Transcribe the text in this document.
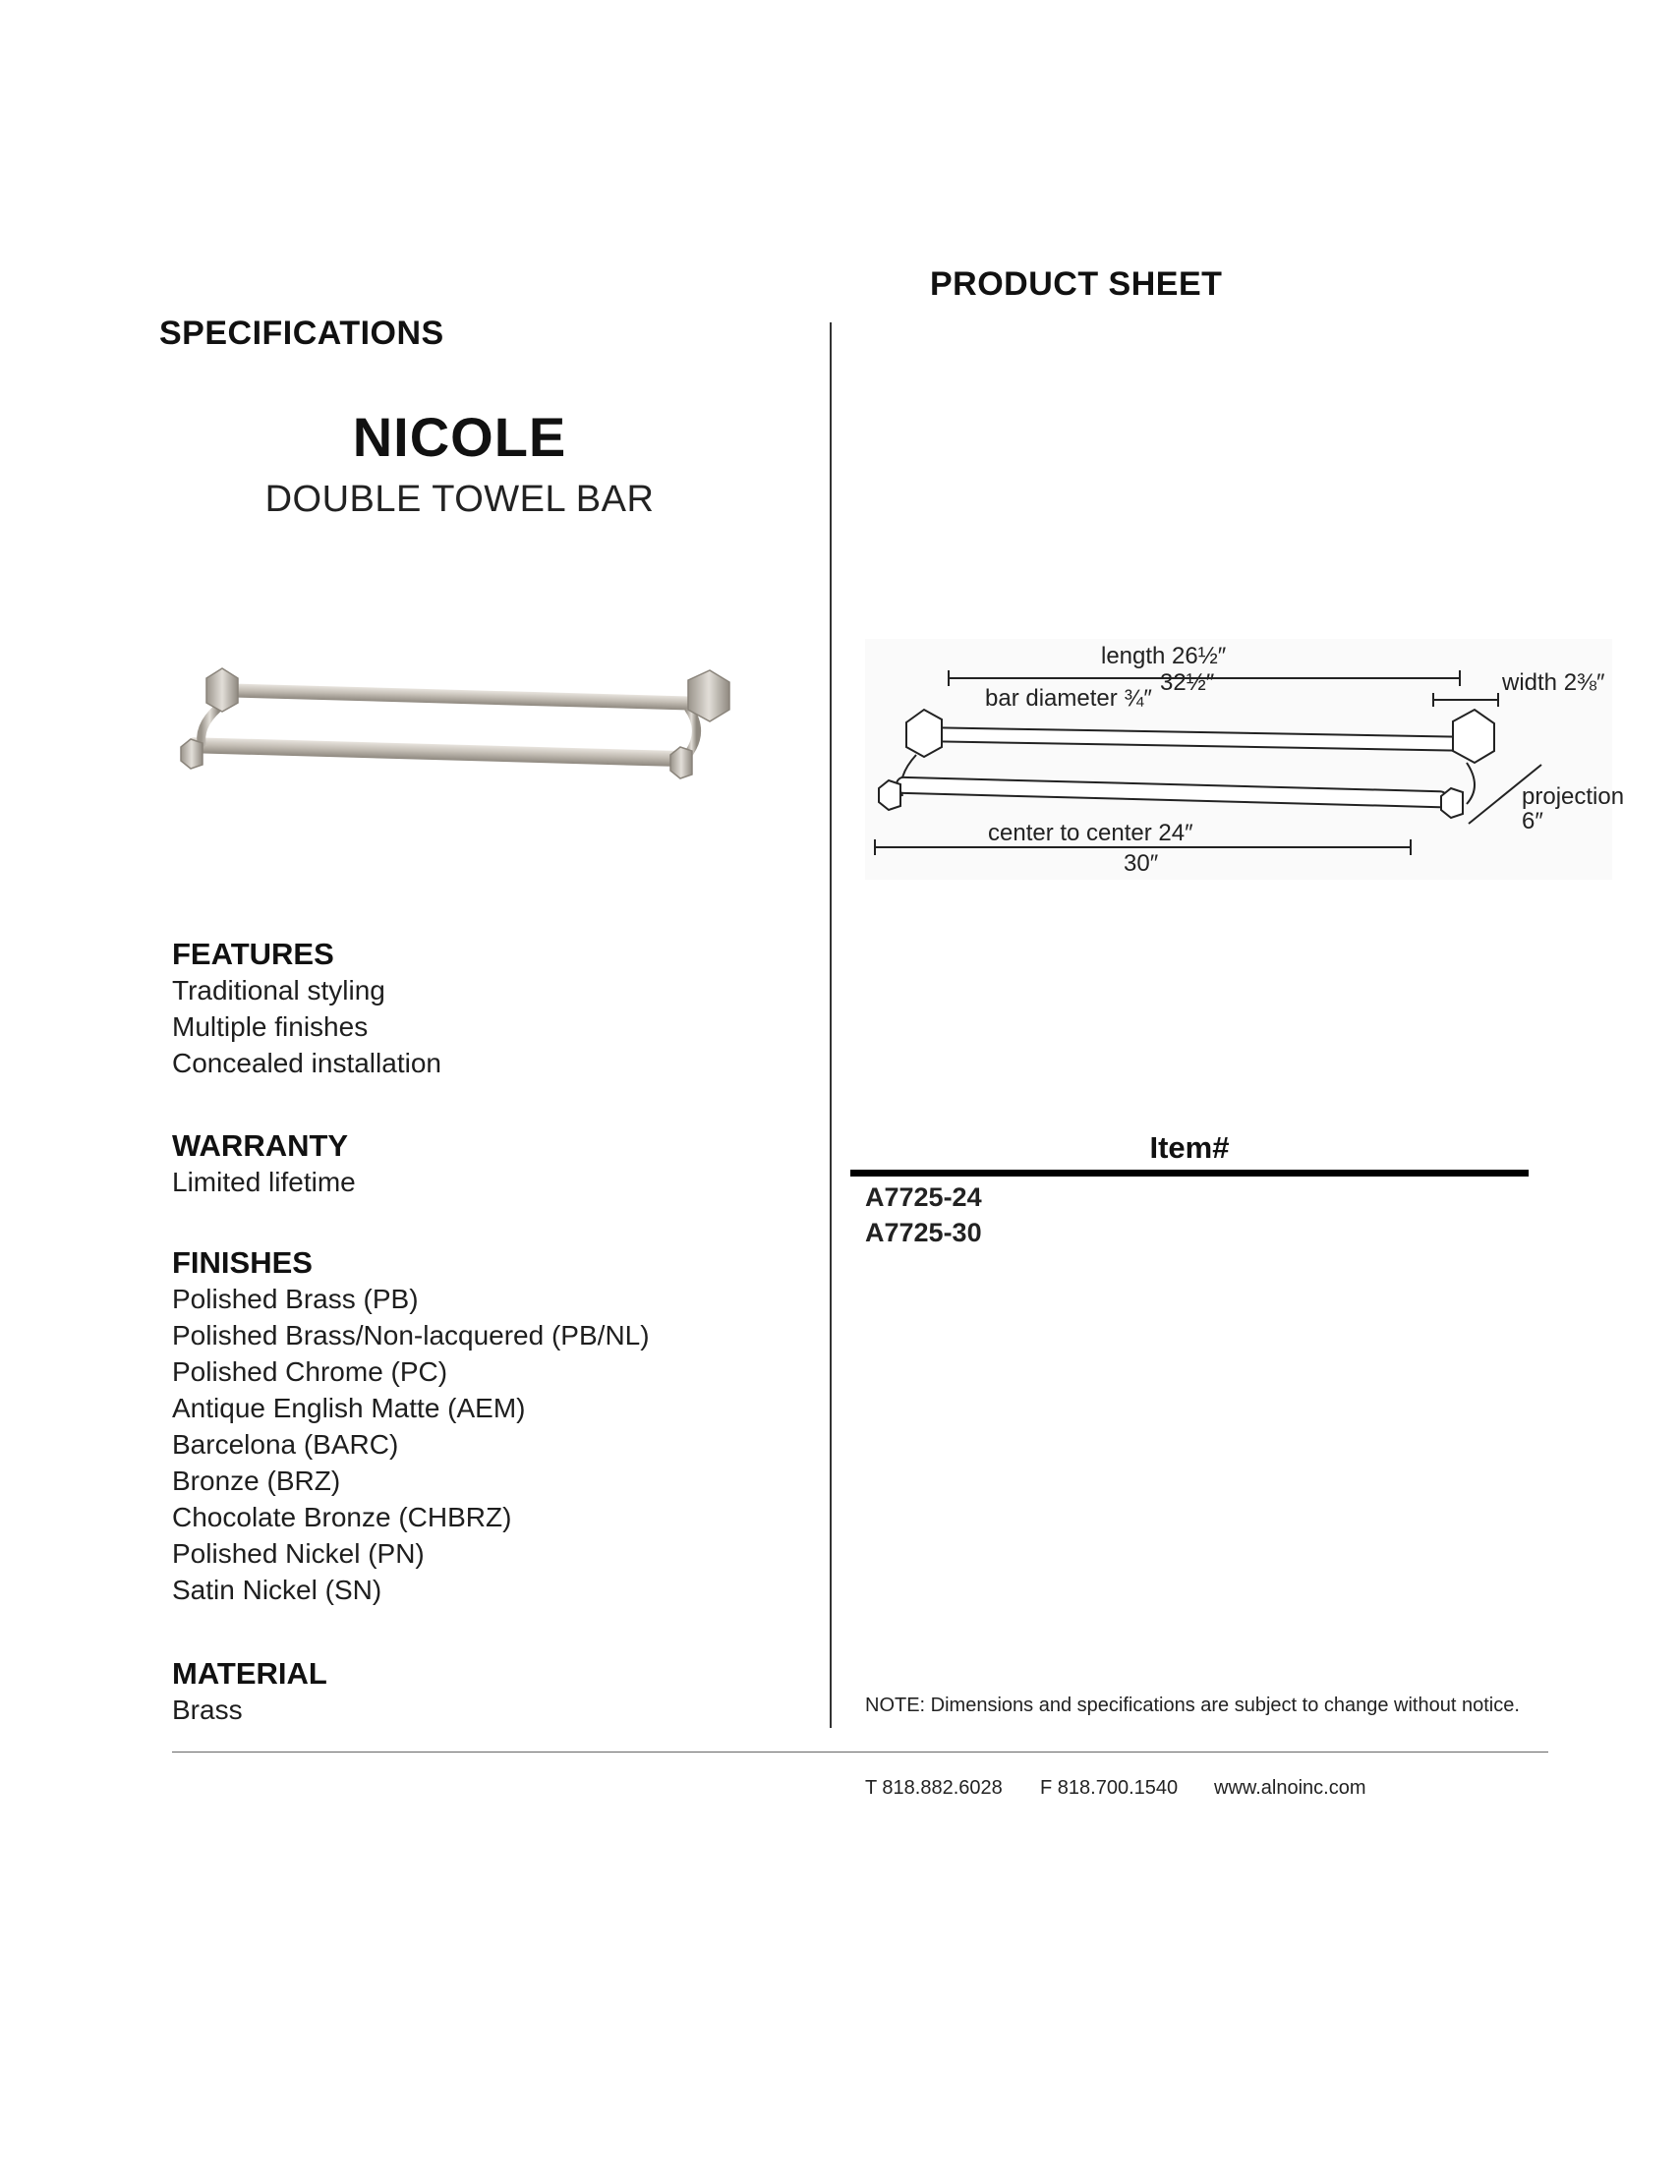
PRODUCT SHEET
SPECIFICATIONS
NICOLE
DOUBLE TOWEL BAR
length 26½″
32½″	width 2⅜″
bar diameter ¾″
projection
6″
center to center 24″
30″
FEATURES
Traditional styling
Multiple finishes
Concealed installation
WARRANTY
Limited lifetime
FINISHES
Polished Brass (PB)
Polished Brass/Non-lacquered (PB/NL)
Polished Chrome (PC)
Antique English Matte (AEM)
Barcelona (BARC)
Bronze (BRZ)
Chocolate Bronze (CHBRZ)
Polished Nickel (PN)
Satin Nickel (SN)
MATERIAL
Brass
Item#
A7725-24
A7725-30
NOTE: Dimensions and specifications are subject to change without notice.
T 818.882.6028 F 818.700.1540 www.alnoinc.com
